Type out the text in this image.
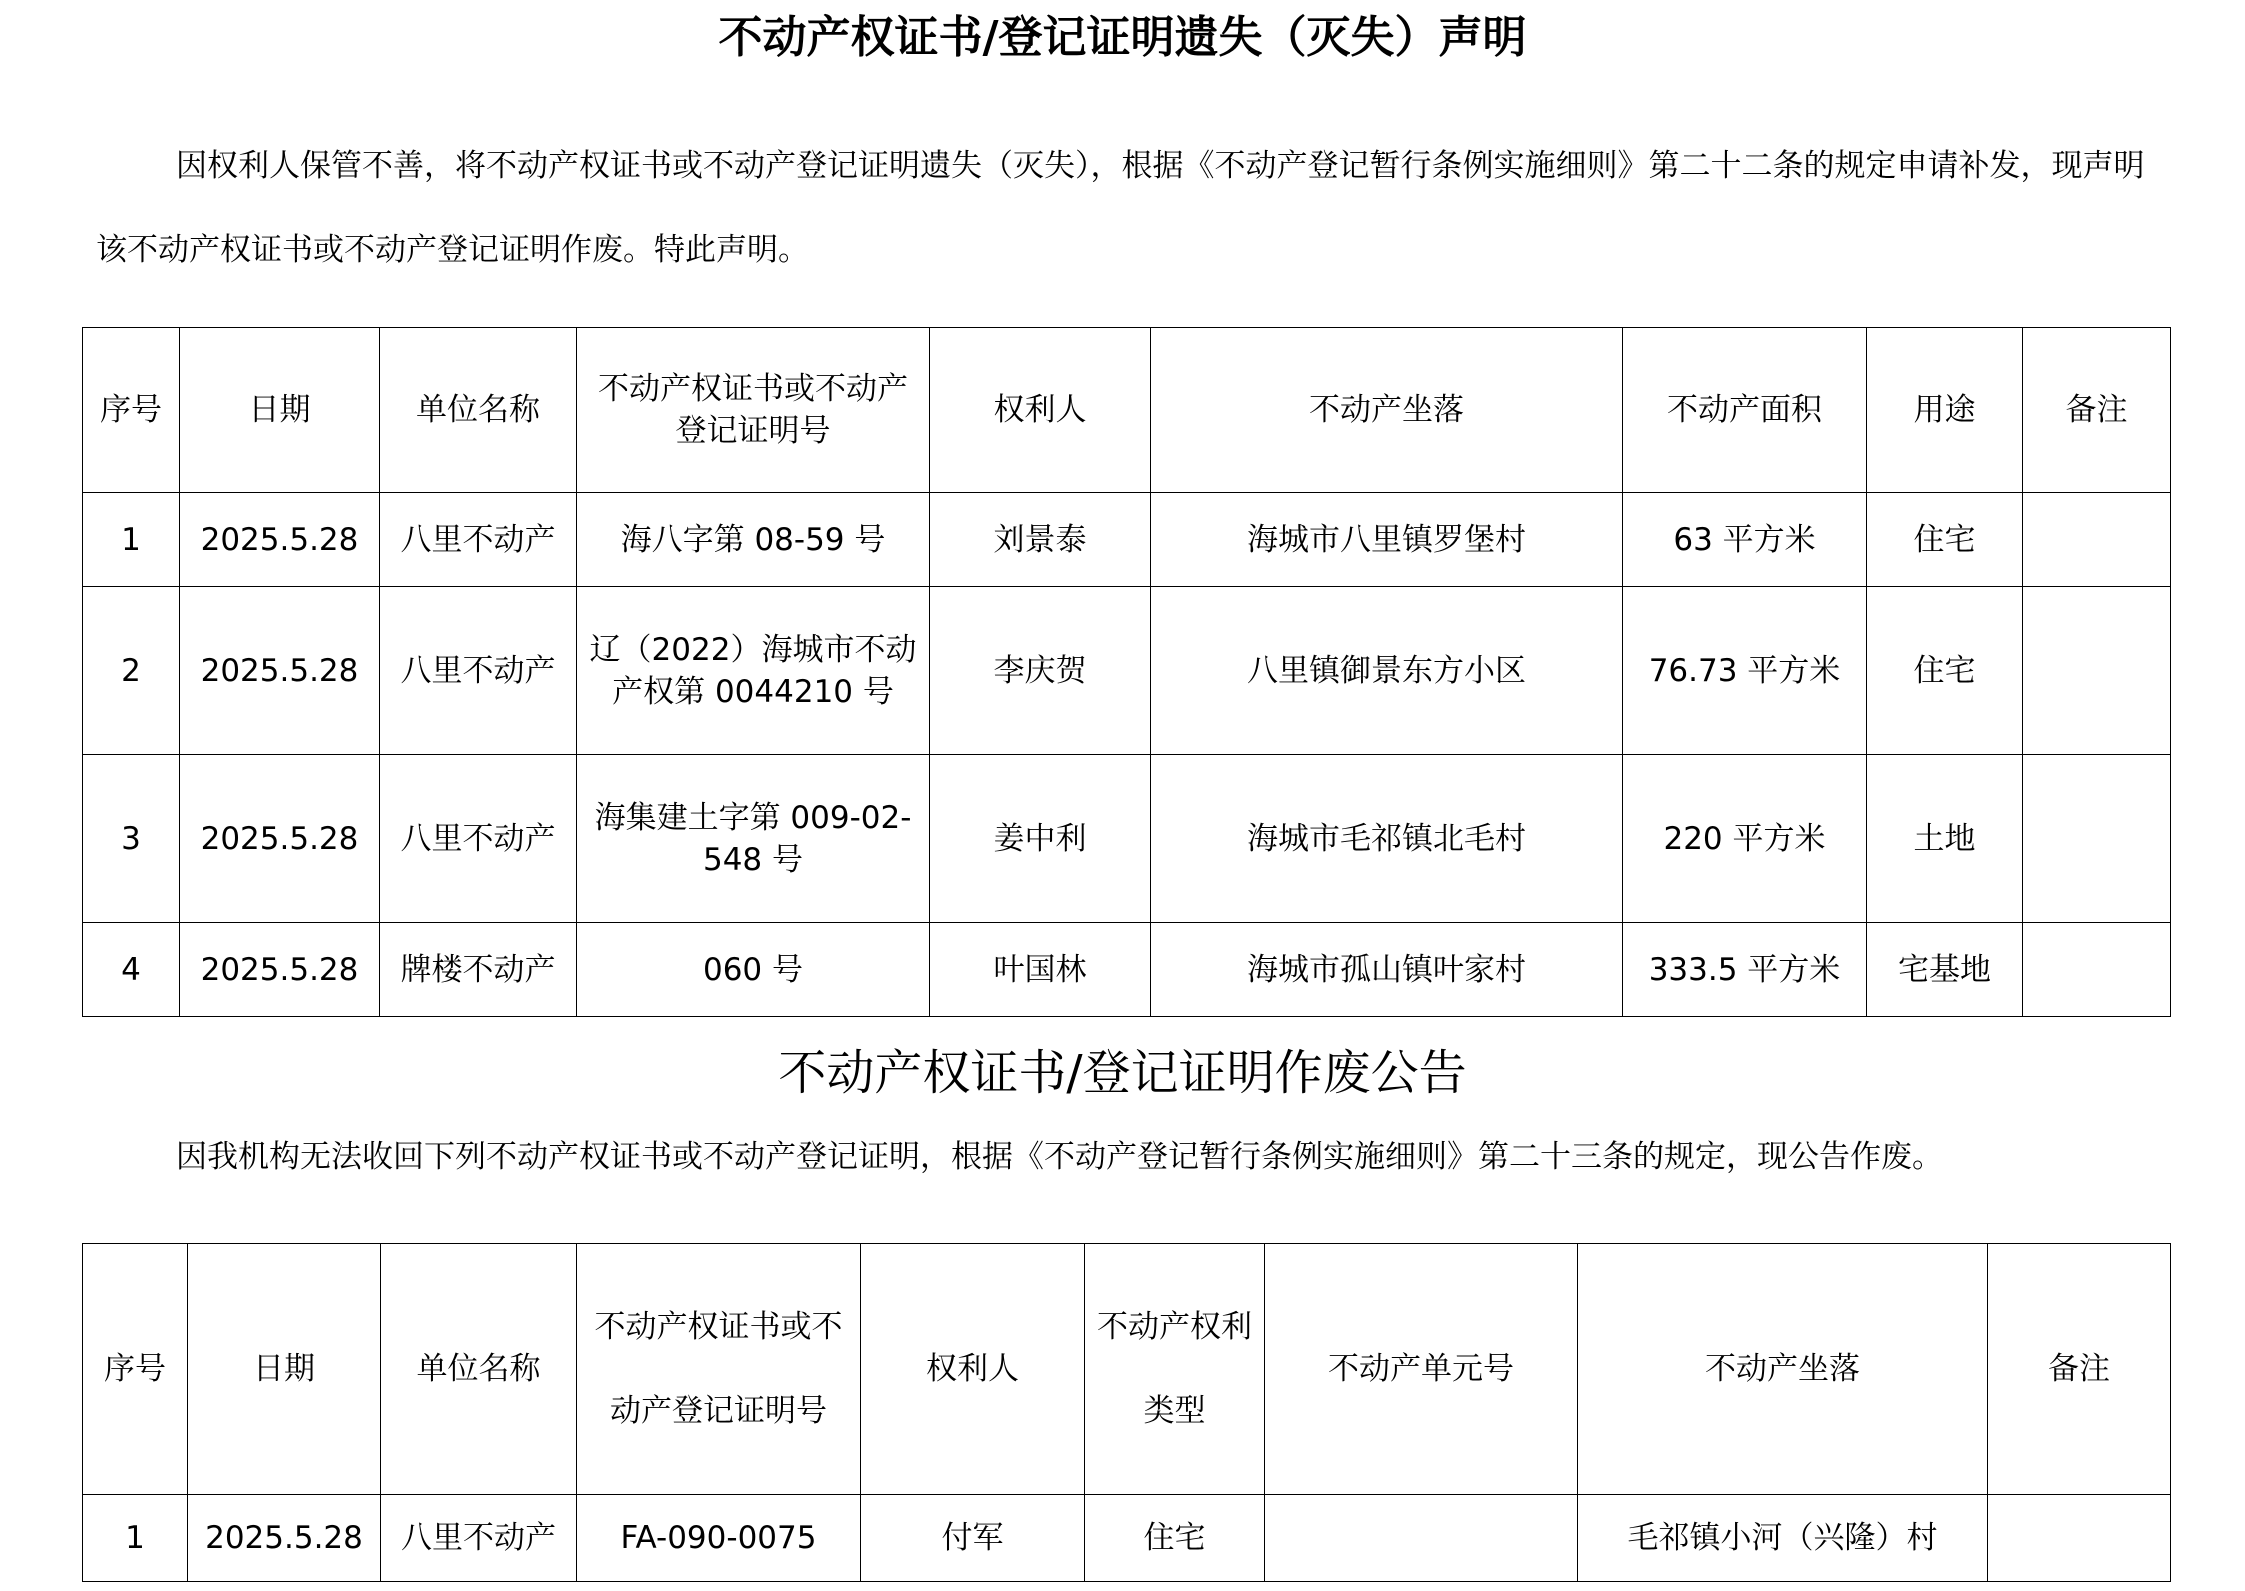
不动产权证书/登记证明遗失（灭失）声明

因权利人保管不善，将不动产权证书或不动产登记证明遗失（灭失），根据《不动产登记暂行条例实施细则》第二十二条的规定申请补发，现声明该不动产权证书或不动产登记证明作废。特此声明。

序号	日期	单位名称	不动产权证书或不动产登记证明号	权利人	不动产坐落	不动产面积	用途	备注
1	2025.5.28	八里不动产	海八字第 08-59 号	刘景泰	海城市八里镇罗堡村	63 平方米	住宅	
2	2025.5.28	八里不动产	辽（2022）海城市不动产权第 0044210 号	李庆贺	八里镇御景东方小区	76.73 平方米	住宅	
3	2025.5.28	八里不动产	海集建土字第 009-02-548 号	姜中利	海城市毛祁镇北毛村	220 平方米	土地	
4	2025.5.28	牌楼不动产	060 号	叶国林	海城市孤山镇叶家村	333.5 平方米	宅基地	
不动产权证书/登记证明作废公告

因我机构无法收回下列不动产权证书或不动产登记证明，根据《不动产登记暂行条例实施细则》第二十三条的规定，现公告作废。

序号	日期	单位名称	不动产权证书或不动产登记证明号	权利人	不动产权利类型	不动产单元号	不动产坐落	备注
1	2025.5.28	八里不动产	FA-090-0075	付军	住宅		毛祁镇小河（兴隆）村	
